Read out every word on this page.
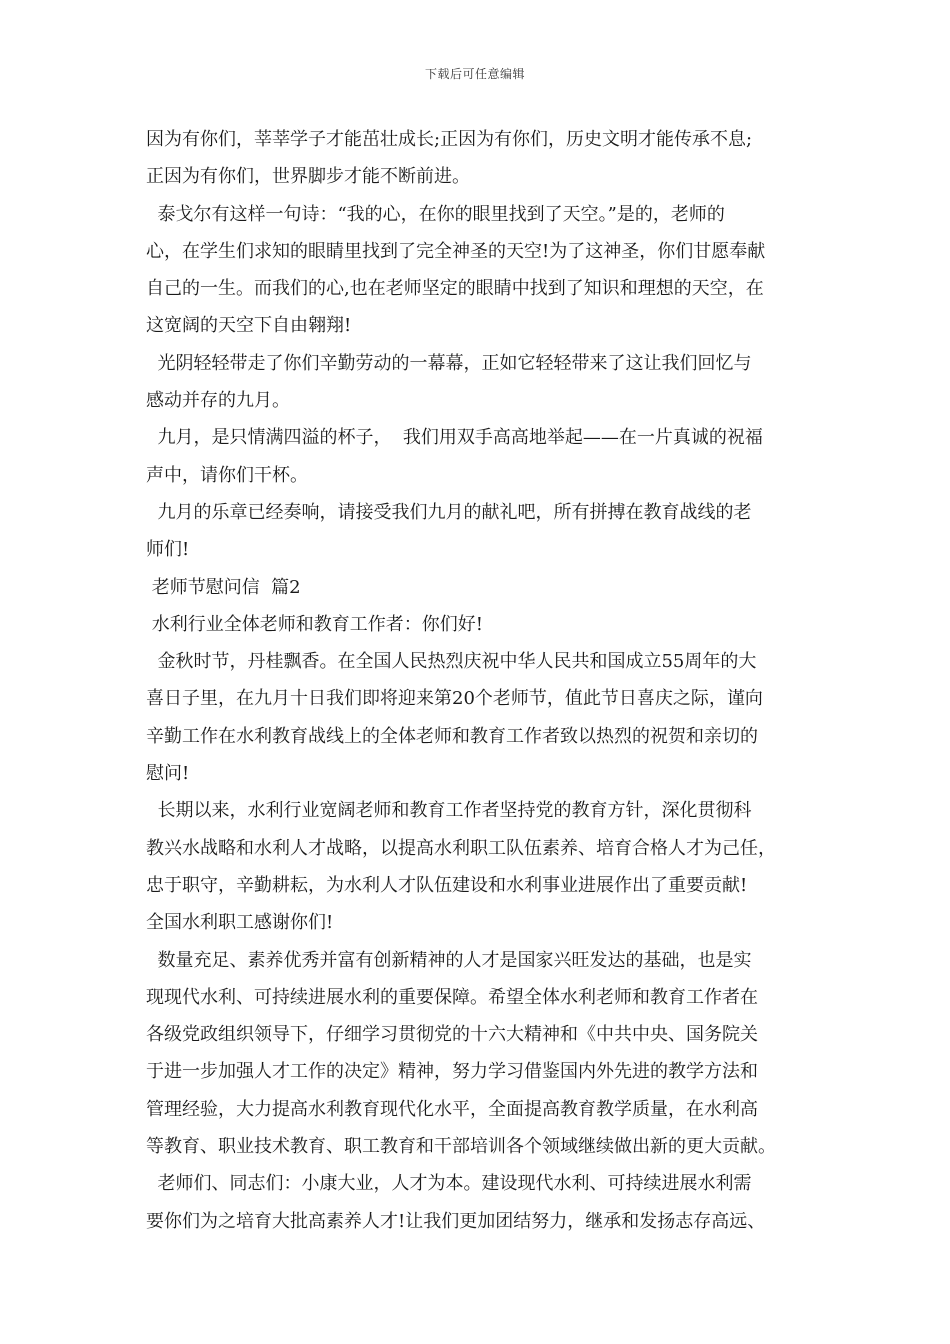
下载后可任意编辑
因为有你们，莘莘学子才能茁壮成长;正因为有你们，历史文明才能传承不息;
正因为有你们，世界脚步才能不断前进。
泰戈尔有这样一句诗：“我的心，在你的眼里找到了天空。”是的，老师的
心，在学生们求知的眼睛里找到了完全神圣的天空!为了这神圣，你们甘愿奉献
自己的一生。而我们的心,也在老师坚定的眼睛中找到了知识和理想的天空，在
这宽阔的天空下自由翱翔!
光阴轻轻带走了你们辛勤劳动的一幕幕，正如它轻轻带来了这让我们回忆与
感动并存的九月。
九月，是只情满四溢的杯子，  我们用双手高高地举起——在一片真诚的祝福
声中，请你们干杯。
九月的乐章已经奏响，请接受我们九月的献礼吧，所有拼搏在教育战线的老
师们!
老师节慰问信  篇2
水利行业全体老师和教育工作者：你们好!
金秋时节，丹桂飘香。在全国人民热烈庆祝中华人民共和国成立55周年的大
喜日子里，在九月十日我们即将迎来第20个老师节，值此节日喜庆之际，谨向
辛勤工作在水利教育战线上的全体老师和教育工作者致以热烈的祝贺和亲切的
慰问!
长期以来，水利行业宽阔老师和教育工作者坚持党的教育方针，深化贯彻科
教兴水战略和水利人才战略，以提高水利职工队伍素养、培育合格人才为己任，
忠于职守，辛勤耕耘，为水利人才队伍建设和水利事业进展作出了重要贡献!
全国水利职工感谢你们!
数量充足、素养优秀并富有创新精神的人才是国家兴旺发达的基础，也是实
现现代水利、可持续进展水利的重要保障。希望全体水利老师和教育工作者在
各级党政组织领导下，仔细学习贯彻党的十六大精神和《中共中央、国务院关
于进一步加强人才工作的决定》精神，努力学习借鉴国内外先进的教学方法和
管理经验，大力提高水利教育现代化水平，全面提高教育教学质量，在水利高
等教育、职业技术教育、职工教育和干部培训各个领域继续做出新的更大贡献。
老师们、同志们：小康大业，人才为本。建设现代水利、可持续进展水利需
要你们为之培育大批高素养人才!让我们更加团结努力，继承和发扬志存高远、
